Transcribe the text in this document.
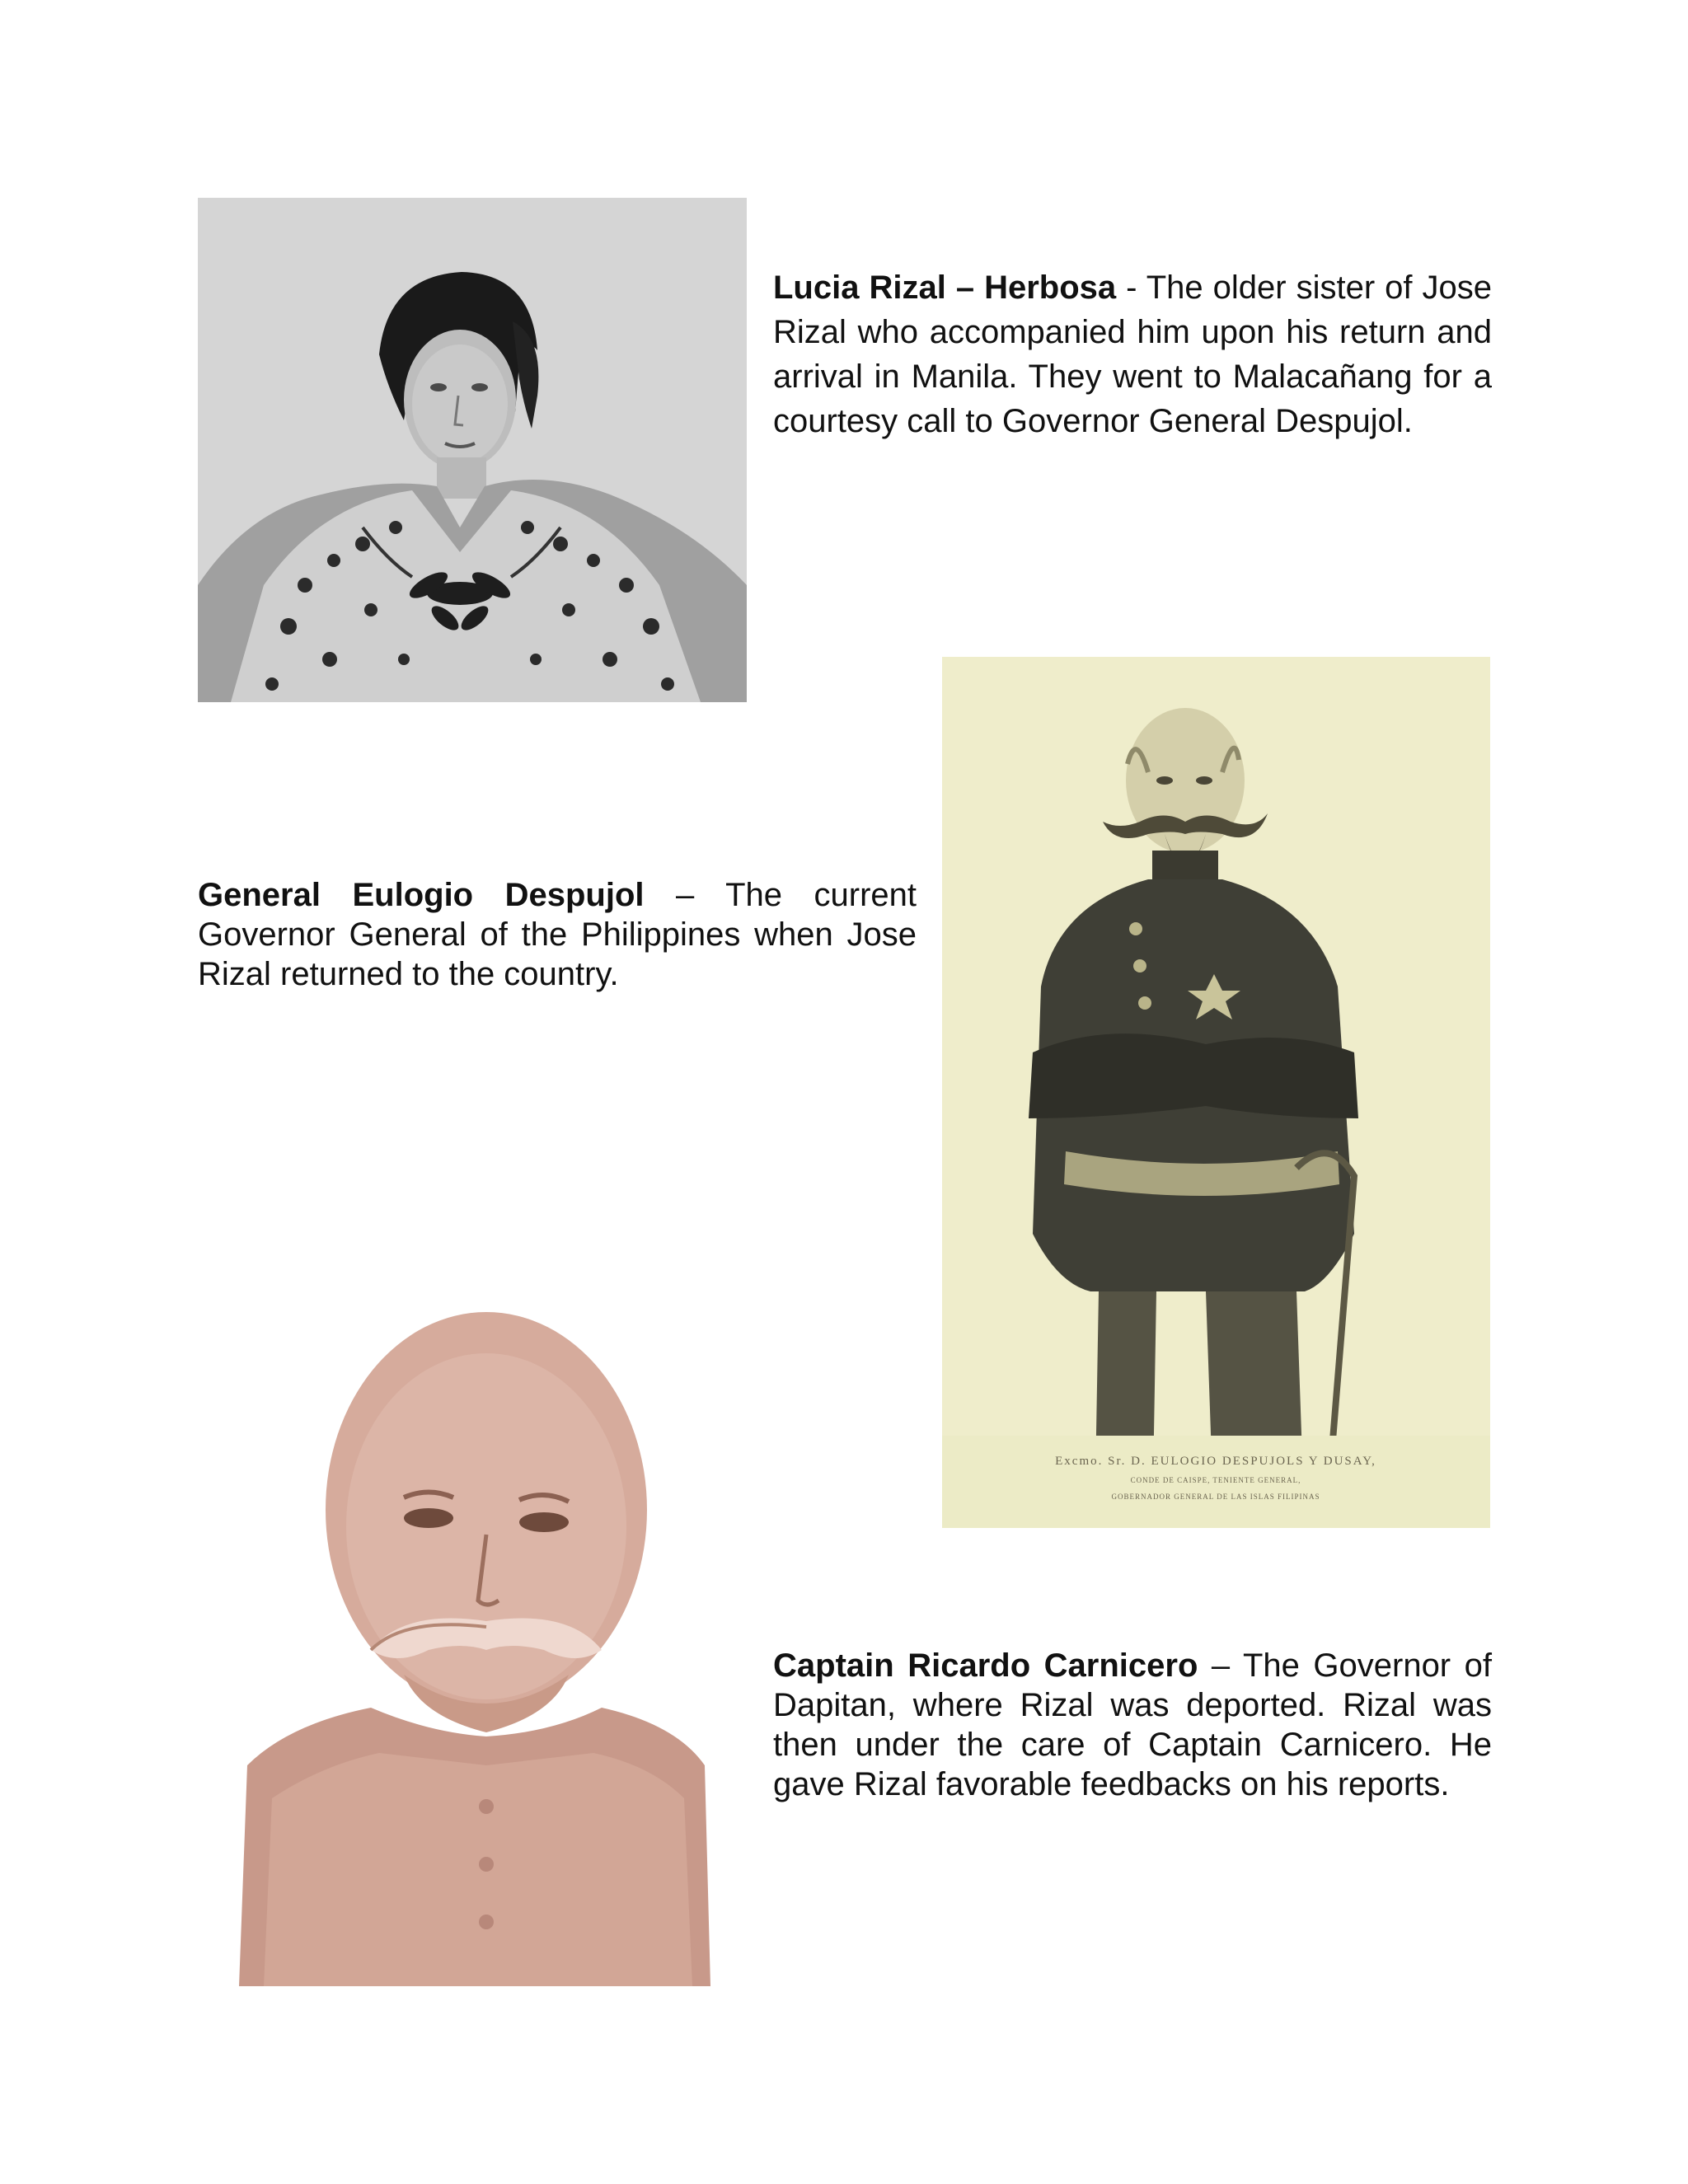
Lucia Rizal – Herbosa - The older sister of Jose Rizal who accompanied him upon his return and arrival in Manila. They went to Malacañang for a courtesy call to Governor General Despujol.

Excmo. Sr. D. EULOGIO DESPUJOLS Y DUSAY,
CONDE DE CAISPE, TENIENTE GENERAL,
GOBERNADOR GENERAL DE LAS ISLAS FILIPINAS

General Eulogio Despujol – The current Governor General of the Philippines when Jose Rizal returned to the country.

Captain Ricardo Carnicero – The Governor of Dapitan, where Rizal was deported. Rizal was then under the care of Captain Carnicero. He gave Rizal favorable feedbacks on his reports.
